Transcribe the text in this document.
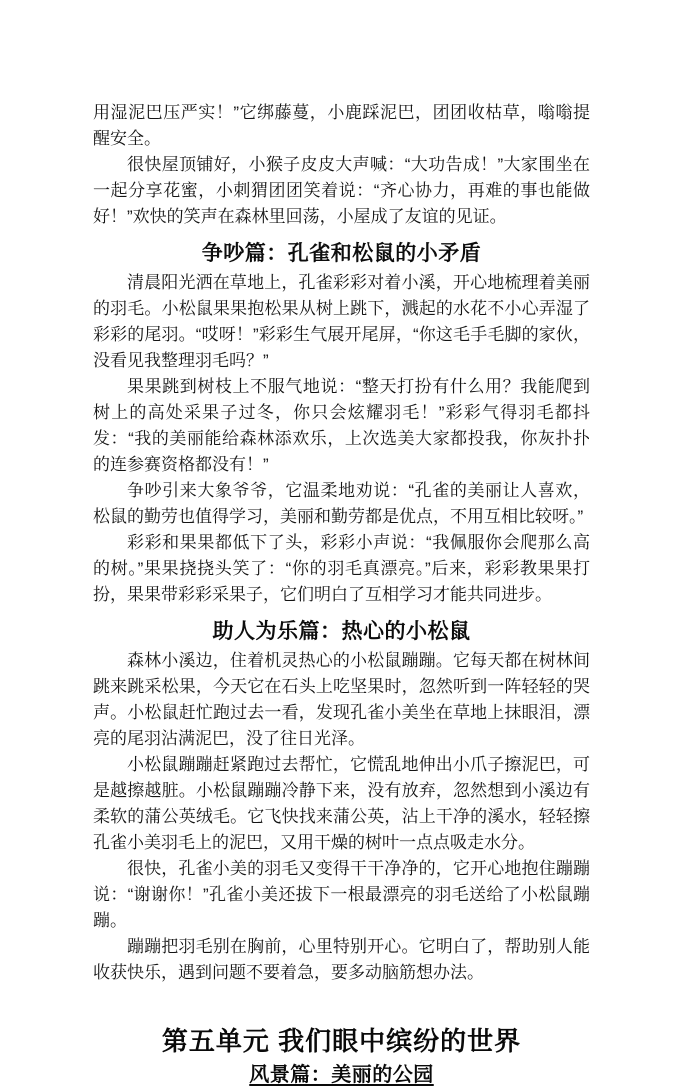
用湿泥巴压严实！”它绑藤蔓，小鹿踩泥巴，团团收枯草，嗡嗡提醒安全。

很快屋顶铺好，小猴子皮皮大声喊：“大功告成！”大家围坐在一起分享花蜜，小刺猬团团笑着说：“齐心协力，再难的事也能做好！”欢快的笑声在森林里回荡，小屋成了友谊的见证。

争吵篇：孔雀和松鼠的小矛盾

清晨阳光洒在草地上，孔雀彩彩对着小溪，开心地梳理着美丽的羽毛。小松鼠果果抱松果从树上跳下，溅起的水花不小心弄湿了彩彩的尾羽。“哎呀！”彩彩生气展开尾屏，“你这毛手毛脚的家伙，没看见我整理羽毛吗？”

果果跳到树枝上不服气地说：“整天打扮有什么用？我能爬到树上的高处采果子过冬，你只会炫耀羽毛！”彩彩气得羽毛都抖发：“我的美丽能给森林添欢乐，上次选美大家都投我，你灰扑扑的连参赛资格都没有！”

争吵引来大象爷爷，它温柔地劝说：“孔雀的美丽让人喜欢，松鼠的勤劳也值得学习，美丽和勤劳都是优点，不用互相比较呀。”

彩彩和果果都低下了头，彩彩小声说：“我佩服你会爬那么高的树。”果果挠挠头笑了：“你的羽毛真漂亮。”后来，彩彩教果果打扮，果果带彩彩采果子，它们明白了互相学习才能共同进步。

助人为乐篇：热心的小松鼠

森林小溪边，住着机灵热心的小松鼠蹦蹦。它每天都在树林间跳来跳采松果，今天它在石头上吃坚果时，忽然听到一阵轻轻的哭声。小松鼠赶忙跑过去一看，发现孔雀小美坐在草地上抹眼泪，漂亮的尾羽沾满泥巴，没了往日光泽。

小松鼠蹦蹦赶紧跑过去帮忙，它慌乱地伸出小爪子擦泥巴，可是越擦越脏。小松鼠蹦蹦冷静下来，没有放弃，忽然想到小溪边有柔软的蒲公英绒毛。它飞快找来蒲公英，沾上干净的溪水，轻轻擦孔雀小美羽毛上的泥巴，又用干燥的树叶一点点吸走水分。

很快，孔雀小美的羽毛又变得干干净净的，它开心地抱住蹦蹦说：“谢谢你！”孔雀小美还拔下一根最漂亮的羽毛送给了小松鼠蹦蹦。

蹦蹦把羽毛别在胸前，心里特别开心。它明白了，帮助别人能收获快乐，遇到问题不要着急，要多动脑筋想办法。

第五单元 我们眼中缤纷的世界
风景篇：美丽的公园
